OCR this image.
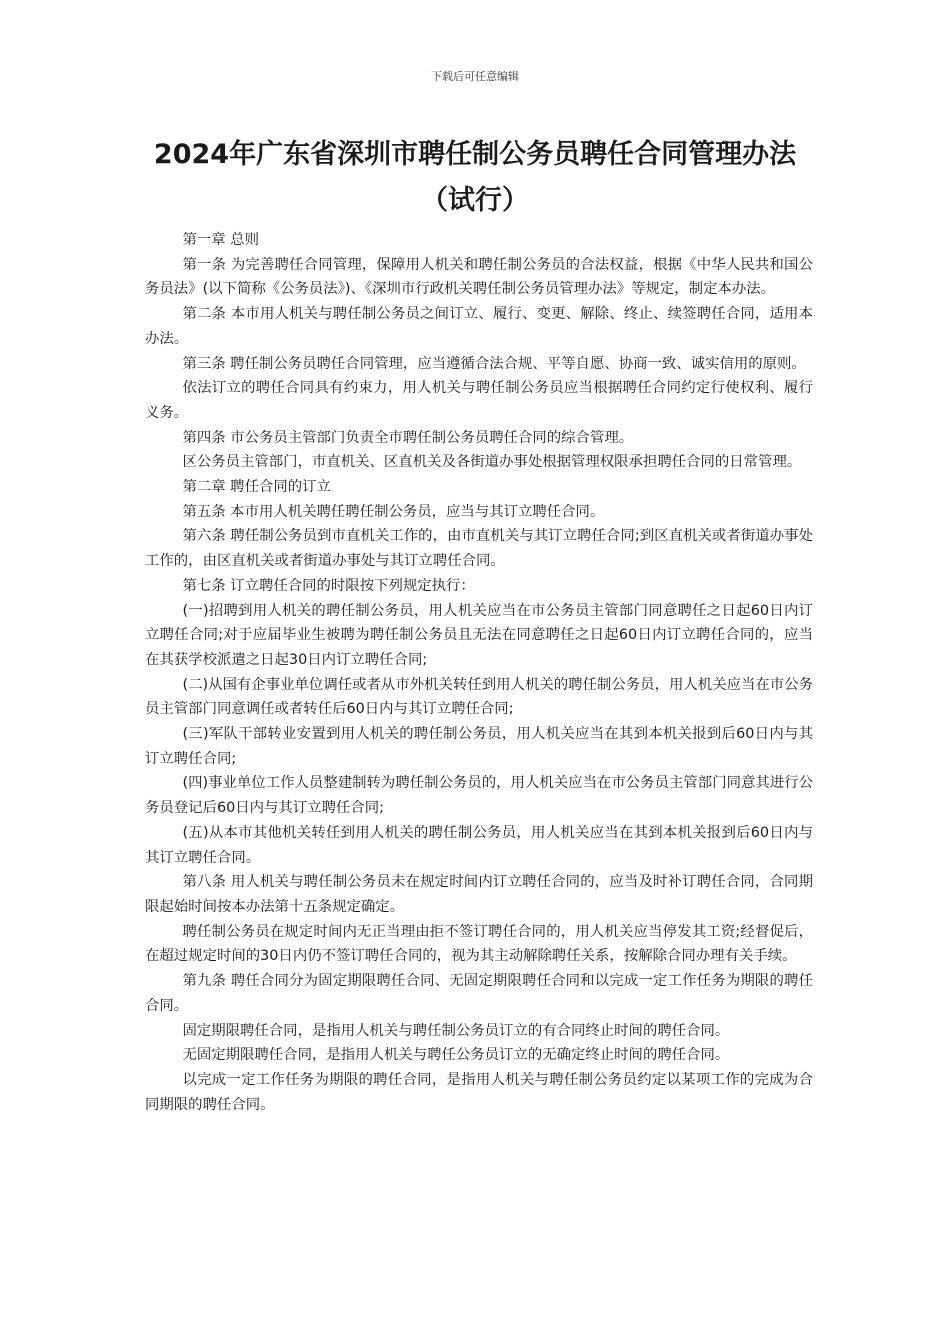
下载后可任意编辑
2024年广东省深圳市聘任制公务员聘任合同管理办法（试行）

第一章 总则

第一条 为完善聘任合同管理，保障用人机关和聘任制公务员的合法权益，根据《中华人民共和国公务员法》(以下简称《公务员法》)、《深圳市行政机关聘任制公务员管理办法》等规定，制定本办法。

第二条 本市用人机关与聘任制公务员之间订立、履行、变更、解除、终止、续签聘任合同，适用本办法。

第三条 聘任制公务员聘任合同管理，应当遵循合法合规、平等自愿、协商一致、诚实信用的原则。

依法订立的聘任合同具有约束力，用人机关与聘任制公务员应当根据聘任合同约定行使权利、履行义务。

第四条 市公务员主管部门负责全市聘任制公务员聘任合同的综合管理。

区公务员主管部门，市直机关、区直机关及各街道办事处根据管理权限承担聘任合同的日常管理。

第二章 聘任合同的订立

第五条 本市用人机关聘任聘任制公务员，应当与其订立聘任合同。

第六条 聘任制公务员到市直机关工作的，由市直机关与其订立聘任合同;到区直机关或者街道办事处工作的，由区直机关或者街道办事处与其订立聘任合同。

第七条 订立聘任合同的时限按下列规定执行：

(一)招聘到用人机关的聘任制公务员，用人机关应当在市公务员主管部门同意聘任之日起60日内订立聘任合同;对于应届毕业生被聘为聘任制公务员且无法在同意聘任之日起60日内订立聘任合同的，应当在其获学校派遣之日起30日内订立聘任合同;

(二)从国有企事业单位调任或者从市外机关转任到用人机关的聘任制公务员，用人机关应当在市公务员主管部门同意调任或者转任后60日内与其订立聘任合同;

(三)军队干部转业安置到用人机关的聘任制公务员，用人机关应当在其到本机关报到后60日内与其订立聘任合同;

(四)事业单位工作人员整建制转为聘任制公务员的，用人机关应当在市公务员主管部门同意其进行公务员登记后60日内与其订立聘任合同;

(五)从本市其他机关转任到用人机关的聘任制公务员，用人机关应当在其到本机关报到后60日内与其订立聘任合同。

第八条 用人机关与聘任制公务员未在规定时间内订立聘任合同的，应当及时补订聘任合同，合同期限起始时间按本办法第十五条规定确定。

聘任制公务员在规定时间内无正当理由拒不签订聘任合同的，用人机关应当停发其工资;经督促后，在超过规定时间的30日内仍不签订聘任合同的，视为其主动解除聘任关系，按解除合同办理有关手续。

第九条 聘任合同分为固定期限聘任合同、无固定期限聘任合同和以完成一定工作任务为期限的聘任合同。

固定期限聘任合同，是指用人机关与聘任制公务员订立的有合同终止时间的聘任合同。

无固定期限聘任合同，是指用人机关与聘任公务员订立的无确定终止时间的聘任合同。

以完成一定工作任务为期限的聘任合同，是指用人机关与聘任制公务员约定以某项工作的完成为合同期限的聘任合同。
